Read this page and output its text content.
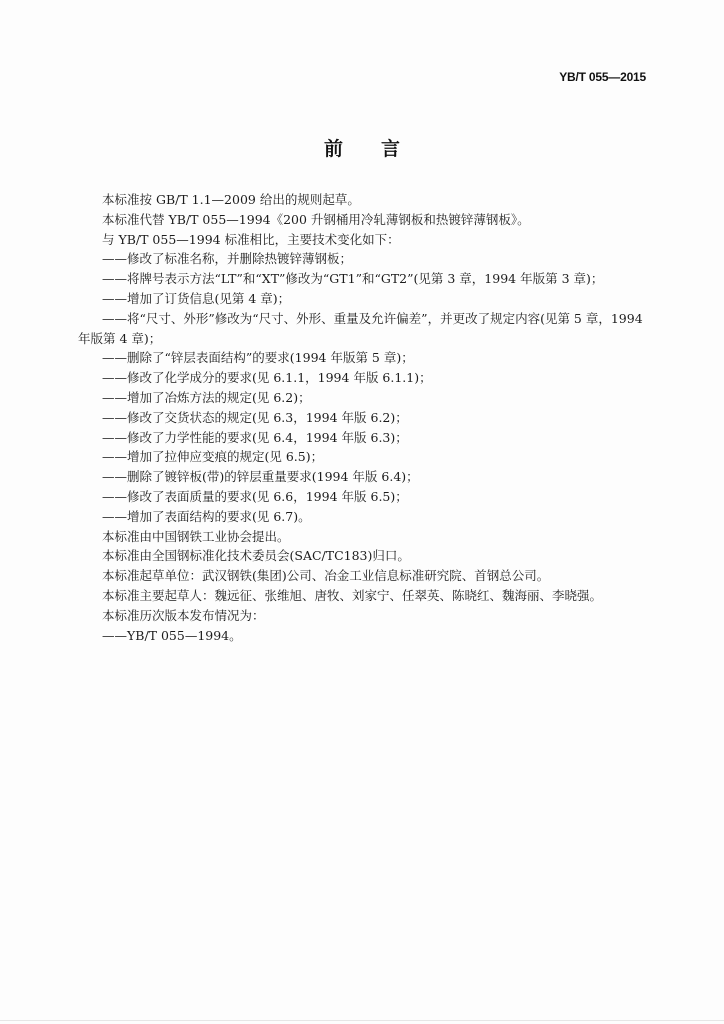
YB/T 055—2015
前言

本标准按 GB/T 1.1—2009 给出的规则起草。

本标准代替 YB/T 055—1994《200 升钢桶用冷轧薄钢板和热镀锌薄钢板》。

与 YB/T 055—1994 标准相比，主要技术变化如下：

——修改了标准名称，并删除热镀锌薄钢板；

——将牌号表示方法“LT”和“XT”修改为“GT1”和“GT2”(见第 3 章，1994 年版第 3 章)；

——增加了订货信息(见第 4 章)；

——将“尺寸、外形”修改为“尺寸、外形、重量及允许偏差”，并更改了规定内容(见第 5 章，1994 年版第 4 章)；

——删除了“锌层表面结构”的要求(1994 年版第 5 章)；

——修改了化学成分的要求(见 6.1.1，1994 年版 6.1.1)；

——增加了冶炼方法的规定(见 6.2)；

——修改了交货状态的规定(见 6.3，1994 年版 6.2)；

——修改了力学性能的要求(见 6.4，1994 年版 6.3)；

——增加了拉伸应变痕的规定(见 6.5)；

——删除了镀锌板(带)的锌层重量要求(1994 年版 6.4)；

——修改了表面质量的要求(见 6.6，1994 年版 6.5)；

——增加了表面结构的要求(见 6.7)。

本标准由中国钢铁工业协会提出。

本标准由全国钢标准化技术委员会(SAC/TC183)归口。

本标准起草单位：武汉钢铁(集团)公司、冶金工业信息标准研究院、首钢总公司。

本标准主要起草人：魏远征、张维旭、唐牧、刘家宁、任翠英、陈晓红、魏海丽、李晓强。

本标准历次版本发布情况为：

——YB/T 055—1994。
